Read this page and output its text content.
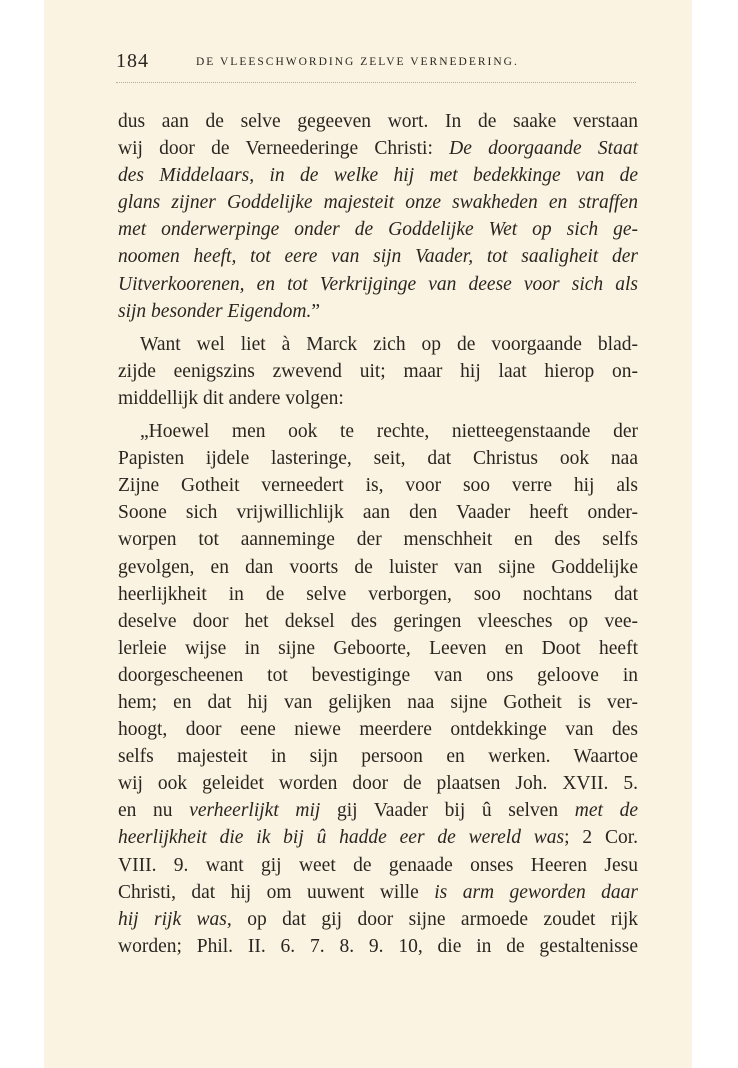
184	DE VLEESCHWORDING ZELVE VERNEDERING.
dus aan de selve gegeeven wort. In de saake verstaan
wij door de Verneederinge Christi: De doorgaande Staat
des Middelaars, in de welke hij met bedekkinge van de
glans zijner Goddelijke majesteit onze swakheden en straffen
met onderwerpinge onder de Goddelijke Wet op sich ge-
noomen heeft, tot eere van sijn Vaader, tot saaligheit der
Uitverkoorenen, en tot Verkrijginge van deese voor sich als
sijn besonder Eigendom.”
Want wel liet à Marck zich op de voorgaande blad-
zijde eenigszins zwevend uit; maar hij laat hierop on-
middellijk dit andere volgen:
„Hoewel men ook te rechte, nietteegenstaande der
Papisten ijdele lasteringe, seit, dat Christus ook naa
Zijne Gotheit verneedert is, voor soo verre hij als
Soone sich vrijwillichlijk aan den Vaader heeft onder-
worpen tot aanneminge der menschheit en des selfs
gevolgen, en dan voorts de luister van sijne Goddelijke
heerlijkheit in de selve verborgen, soo nochtans dat
deselve door het deksel des geringen vleesches op vee-
lerleie wijse in sijne Geboorte, Leeven en Doot heeft
doorgescheenen tot bevestiginge van ons geloove in
hem; en dat hij van gelijken naa sijne Gotheit is ver-
hoogt, door eene niewe meerdere ontdekkinge van des
selfs majesteit in sijn persoon en werken. Waartoe
wij ook geleidet worden door de plaatsen Joh. XVII. 5.
en nu verheerlijkt mij gij Vaader bij û selven met de
heerlijkheit die ik bij û hadde eer de wereld was; 2 Cor.
VIII. 9. want gij weet de genaade onses Heeren Jesu
Christi, dat hij om uuwent wille is arm geworden daar
hij rijk was, op dat gij door sijne armoede zoudet rijk
worden; Phil. II. 6. 7. 8. 9. 10, die in de gestaltenisse
